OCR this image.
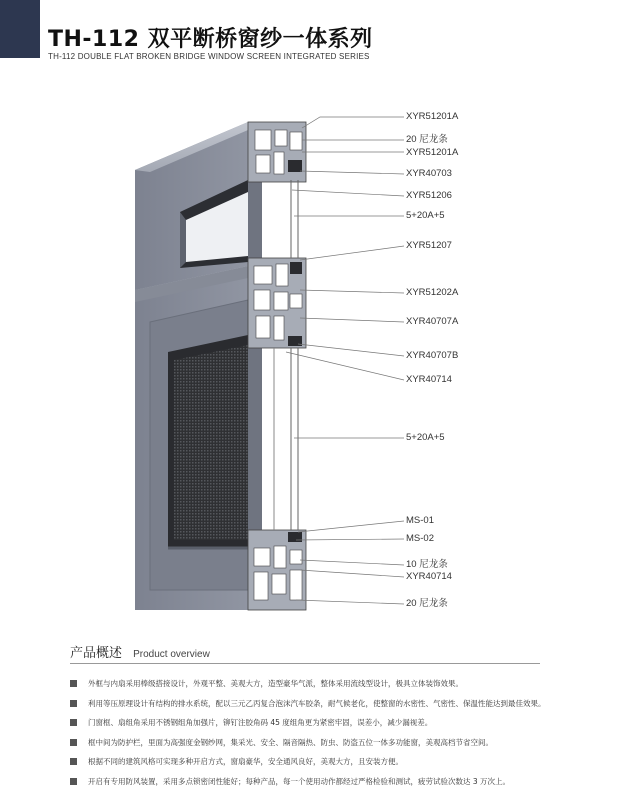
TH-112 双平断桥窗纱一体系列
TH-112 DOUBLE FLAT BROKEN BRIDGE WINDOW SCREEN INTEGRATED SERIES
XYR51201A
20 尼龙条
XYR51201A
XYR40703
XYR51206
5+20A+5
XYR51207
XYR51202A
XYR40707A
XYR40707B
XYR40714
5+20A+5
MS-01
MS-02
10 尼龙条
XYR40714
20 尼龙条
产品概述 Product overview
外框与内扇采用棒级搭接设计，外观平整、美观大方，造型豪华气派，整体采用流线型设计，极具立体装饰效果。
利用等压原理设计有结构的排水系统，配以三元乙丙复合泡沫汽车胶条，耐气候老化，使整窗的水密性、气密性、保温性能达到最佳效果。
门窗框、扇组角采用不锈钢组角加强片，铆钉注胶角码 45 度组角更为紧密牢固，误差小，减少漏视差。
框中间为防护栏，里面为高强度金钢纱网，集采光、安全、隔音隔热、防虫、防盗五位一体多功能窗，美观高档节省空间。
根据不同的建筑风格可实现多种开启方式，窗扇豪华，安全通风良好，美观大方，且安装方便。
开启有专用防风装置，采用多点锁密闭性能好；每种产品，每一个使用动作都经过严格检验和测试，疲劳试验次数达 3 万次上。
